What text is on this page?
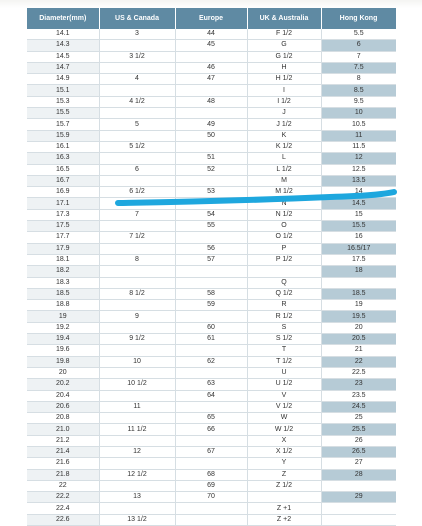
Diameter(mm)	US & Canada	Europe	UK & Australia	Hong Kong
14.1	3	44	F 1/2	5.5
14.3		45	G	6
14.5	3 1/2		G 1/2	7
14.7		46	H	7.5
14.9	4	47	H 1/2	8
15.1			I	8.5
15.3	4 1/2	48	I 1/2	9.5
15.5			J	10
15.7	5	49	J 1/2	10.5
15.9		50	K	11
16.1	5 1/2		K 1/2	11.5
16.3		51	L	12
16.5	6	52	L 1/2	12.5
16.7			M	13.5
16.9	6 1/2	53	M 1/2	14
17.1			N	14.5
17.3	7	54	N 1/2	15
17.5		55	O	15.5
17.7	7 1/2		O 1/2	16
17.9		56	P	16.5/17
18.1	8	57	P 1/2	17.5
18.2				18
18.3			Q	
18.5	8 1/2	58	Q 1/2	18.5
18.8		59	R	19
19	9		R 1/2	19.5
19.2		60	S	20
19.4	9 1/2	61	S 1/2	20.5
19.6			T	21
19.8	10	62	T 1/2	22
20			U	22.5
20.2	10 1/2	63	U 1/2	23
20.4		64	V	23.5
20.6	11		V 1/2	24.5
20.8		65	W	25
21.0	11 1/2	66	W 1/2	25.5
21.2			X	26
21.4	12	67	X 1/2	26.5
21.6			Y	27
21.8	12 1/2	68	Z	28
22		69	Z 1/2	
22.2	13	70		29
22.4			Z +1	
22.6	13 1/2		Z +2	
